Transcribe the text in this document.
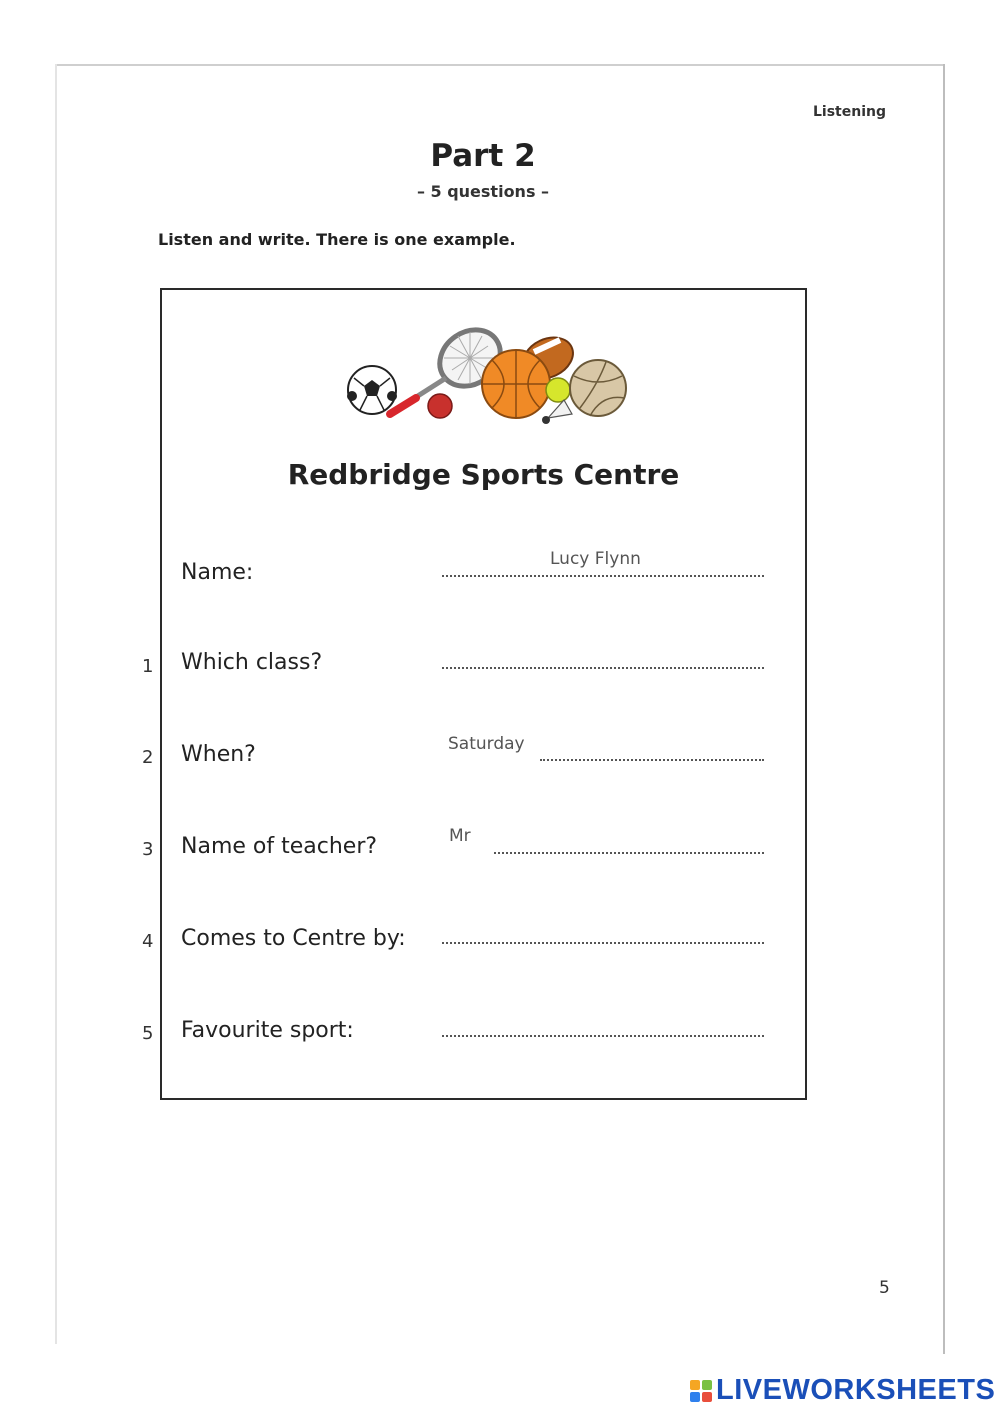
Listening
Part 2
– 5 questions –
Listen and write. There is one example.
Redbridge Sports Centre
Name:
Lucy Flynn
1 Which class?
2 When?	Saturday
3 Name of teacher?	Mr
4 Comes to Centre by:
5 Favourite sport:
5
LIVEWORKSHEETS
